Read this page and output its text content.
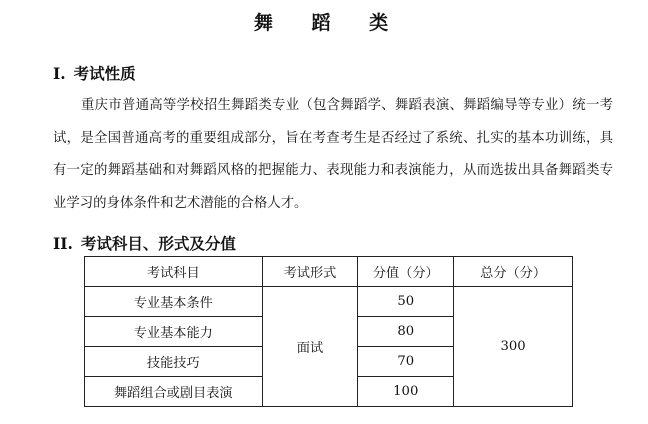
舞 蹈 类
I. 考试性质

重庆市普通高等学校招生舞蹈类专业（包含舞蹈学、舞蹈表演、舞蹈编导等专业）统一考试，是全国普通高考的重要组成部分，旨在考查考生是否经过了系统、扎实的基本功训练，具有一定的舞蹈基础和对舞蹈风格的把握能力、表现能力和表演能力，从而选拔出具备舞蹈类专业学习的身体条件和艺术潜能的合格人才。

II. 考试科目、形式及分值
考试科目	考试形式	分值（分）	总分（分）
专业基本条件	面试	50	300
专业基本能力		80	
技能技巧		70	
舞蹈组合或剧目表演		100	
